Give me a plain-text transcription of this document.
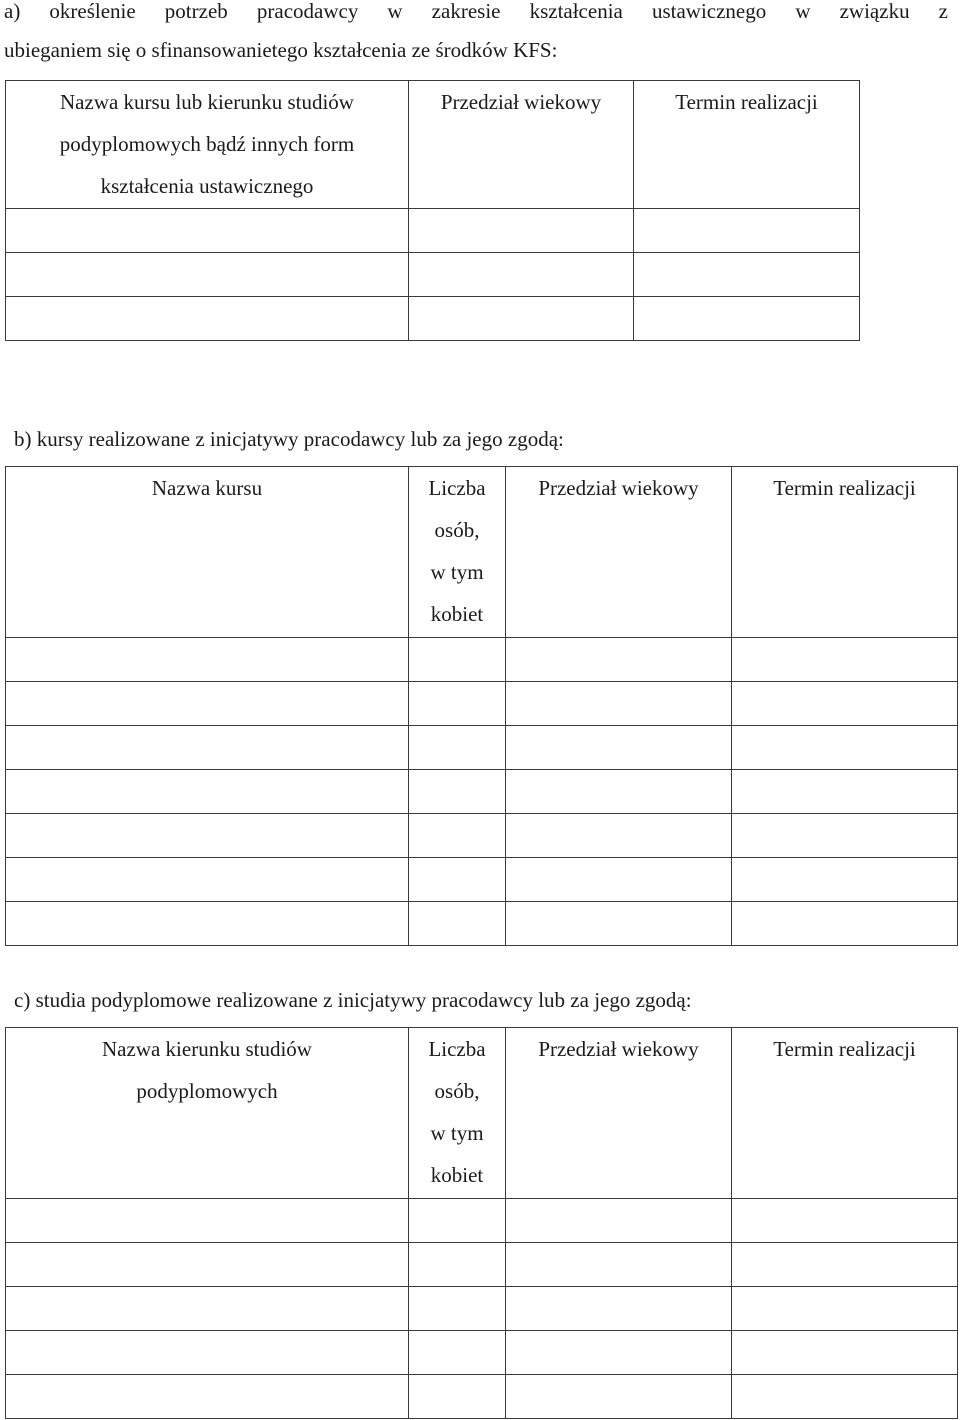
a) określenie potrzeb pracodawcy w zakresie kształcenia ustawicznego w związku z

ubieganiem się o sfinansowanietego kształcenia ze środków KFS:

Nazwa kursu lub kierunku studiów
podyplomowych bądź innych form
kształcenia ustawicznego	Przedział wiekowy	Termin realizacji

b) kursy realizowane z inicjatywy pracodawcy lub za jego zgodą:

Nazwa kursu	Liczba
osób,
w tym
kobiet	Przedział wiekowy	Termin realizacji

c) studia podyplomowe realizowane z inicjatywy pracodawcy lub za jego zgodą:

Nazwa kierunku studiów
podyplomowych	Liczba
osób,
w tym
kobiet	Przedział wiekowy	Termin realizacji
